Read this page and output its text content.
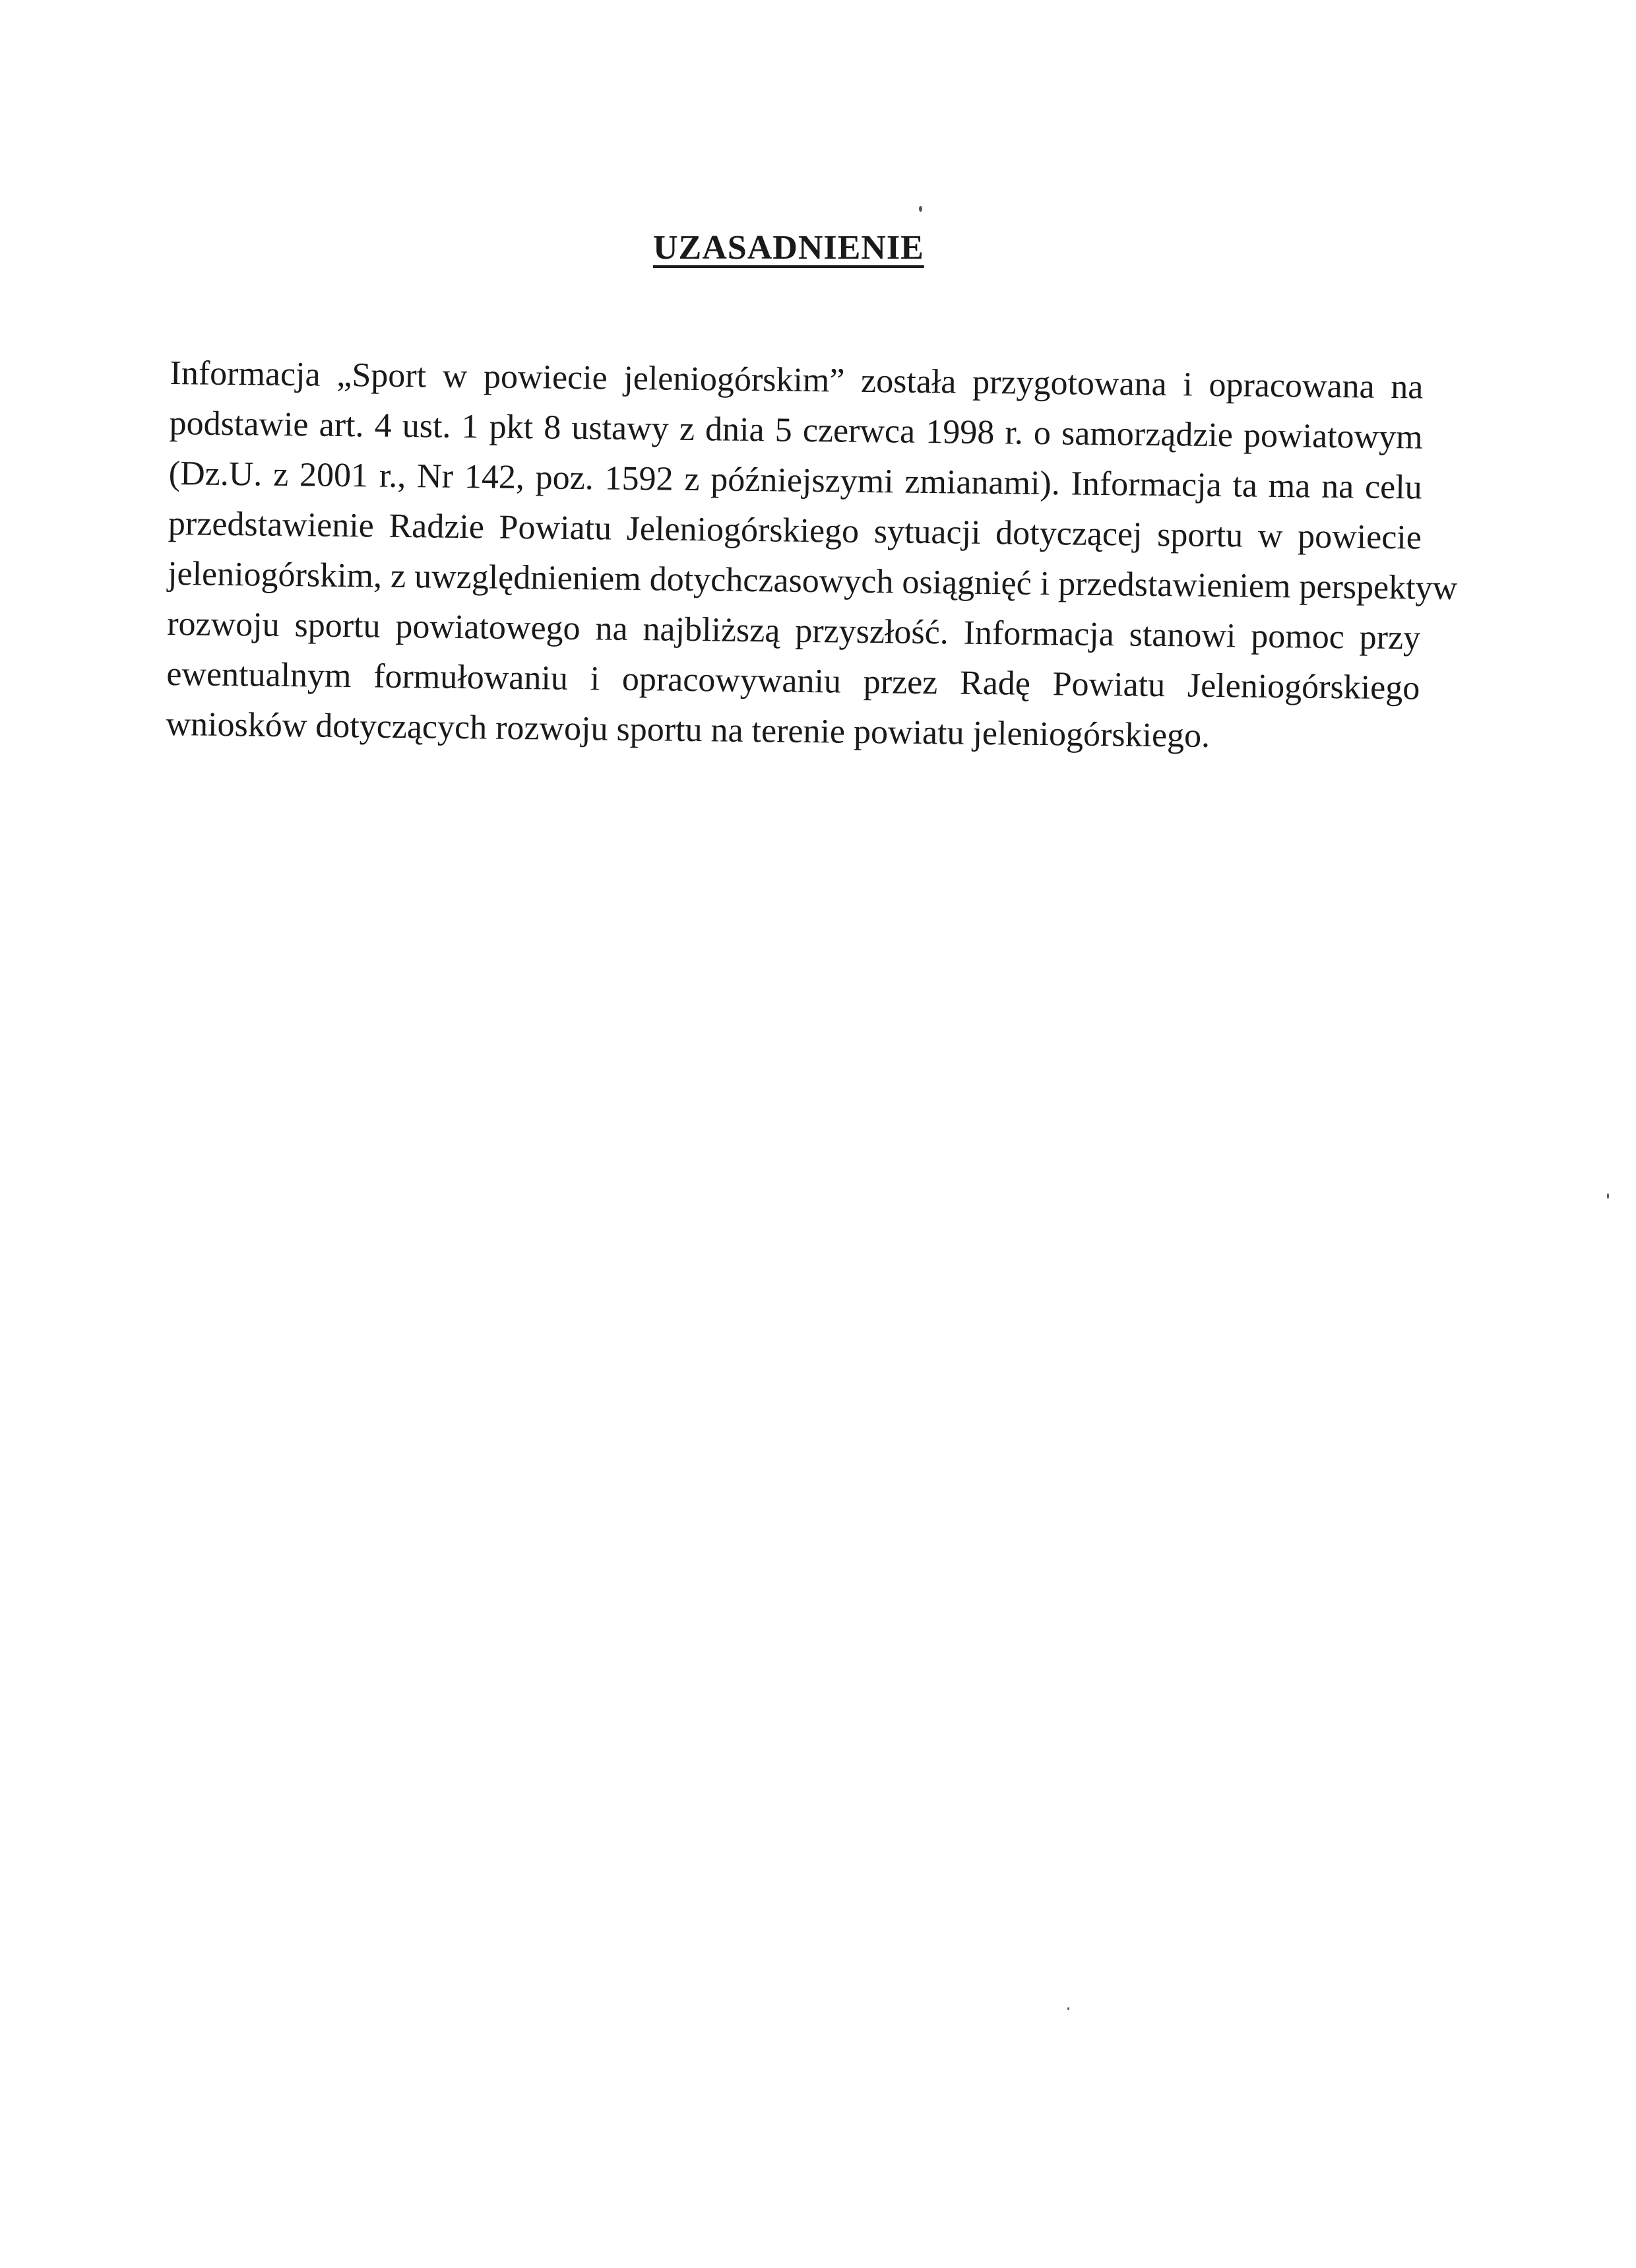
UZASADNIENIE
Informacja „Sport w powiecie jeleniogórskim” została przygotowana i opracowana na
podstawie art. 4 ust. 1 pkt 8 ustawy z dnia 5 czerwca 1998 r. o samorządzie powiatowym
(Dz.U. z 2001 r., Nr 142, poz. 1592 z późniejszymi zmianami). Informacja ta ma na celu
przedstawienie Radzie Powiatu Jeleniogórskiego sytuacji dotyczącej sportu w powiecie
jeleniogórskim, z uwzględnieniem dotychczasowych osiągnięć i przedstawieniem perspektyw
rozwoju sportu powiatowego na najbliższą przyszłość. Informacja stanowi pomoc przy
ewentualnym formułowaniu i opracowywaniu przez Radę Powiatu Jeleniogórskiego
wniosków dotyczących rozwoju sportu na terenie powiatu jeleniogórskiego.
